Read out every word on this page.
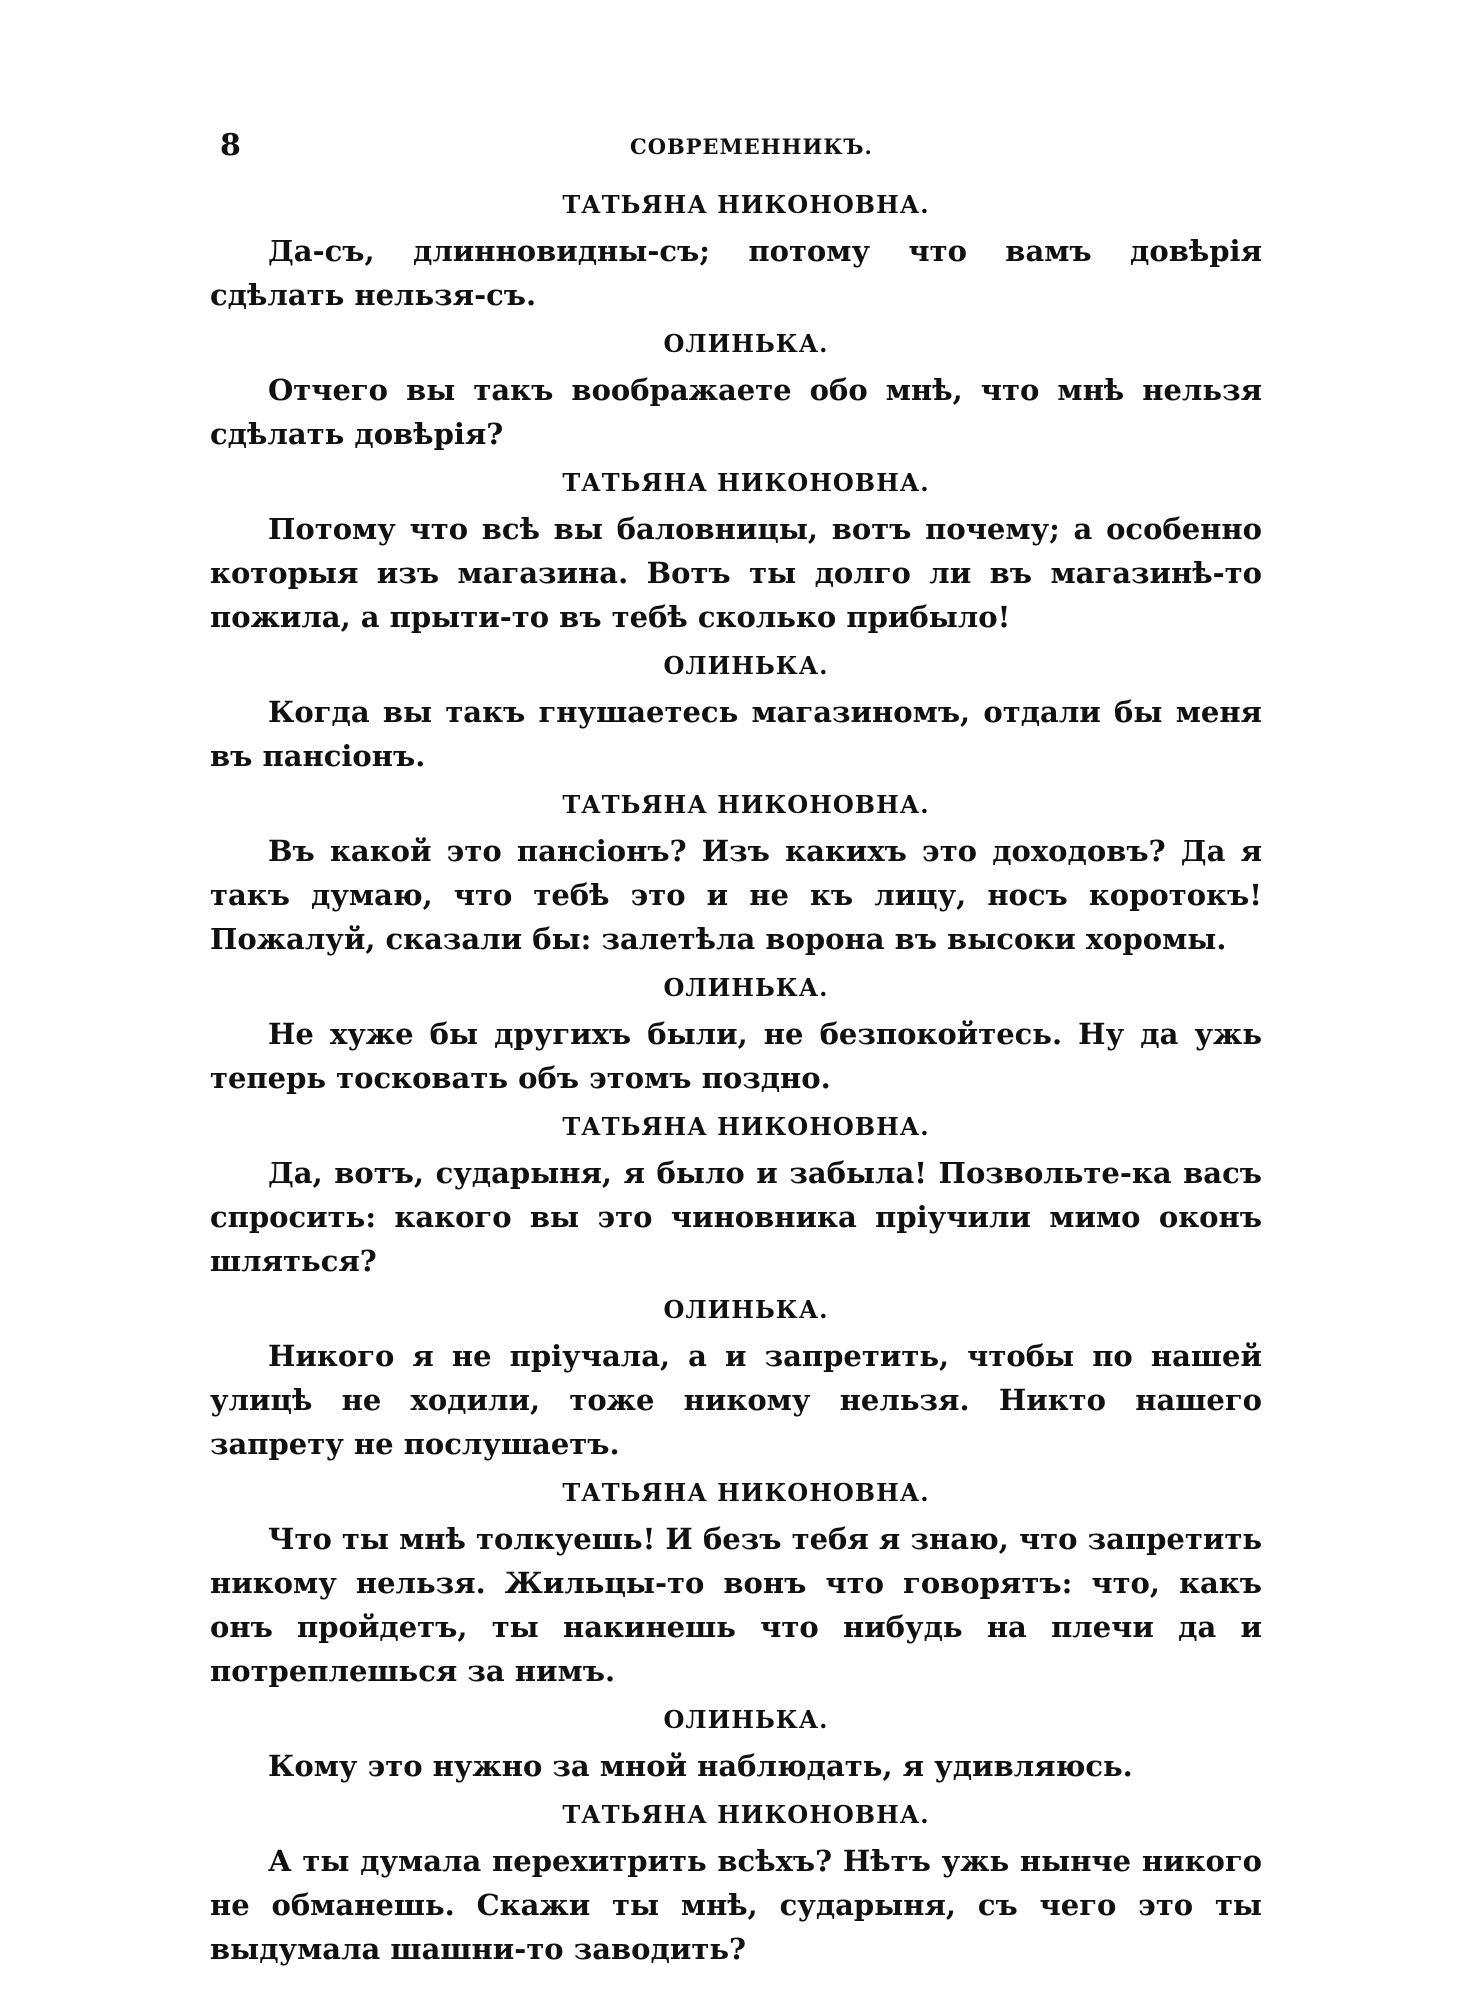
8	СОВРЕМЕННИКЪ.
ТАТЬЯНА НИКОНОВНА.

Да-съ, длинновидны-съ; потому что вамъ довѣрія сдѣлать нельзя-съ.

ОЛИНЬКА.

Отчего вы такъ воображаете обо мнѣ, что мнѣ нельзя сдѣлать довѣрія?

ТАТЬЯНА НИКОНОВНА.

Потому что всѣ вы баловницы, вотъ почему; а особенно которыя изъ магазина. Вотъ ты долго ли въ магазинѣ-то пожила, а прыти-то въ тебѣ сколько прибыло!

ОЛИНЬКА.

Когда вы такъ гнушаетесь магазиномъ, отдали бы меня въ пансіонъ.

ТАТЬЯНА НИКОНОВНА.

Въ какой это пансіонъ? Изъ какихъ это доходовъ? Да я такъ думаю, что тебѣ это и не къ лицу, носъ коротокъ! Пожалуй, сказали бы: залетѣла ворона въ высоки хоромы.

ОЛИНЬКА.

Не хуже бы другихъ были, не безпокойтесь. Ну да ужь теперь тосковать объ этомъ поздно.

ТАТЬЯНА НИКОНОВНА.

Да, вотъ, сударыня, я было и забыла! Позвольте-ка васъ спросить: какого вы это чиновника пріучили мимо оконъ шляться?

ОЛИНЬКА.

Никого я не пріучала, а и запретить, чтобы по нашей улицѣ не ходили, тоже никому нельзя. Никто нашего запрету не послушаетъ.

ТАТЬЯНА НИКОНОВНА.

Что ты мнѣ толкуешь! И безъ тебя я знаю, что запретить никому нельзя. Жильцы-то вонъ что говорятъ: что, какъ онъ пройдетъ, ты накинешь что нибудь на плечи да и потреплешься за нимъ.

ОЛИНЬКА.

Кому это нужно за мной наблюдать, я удивляюсь.

ТАТЬЯНА НИКОНОВНА.

А ты думала перехитрить всѣхъ? Нѣтъ ужь нынче никого не обманешь. Скажи ты мнѣ, сударыня, съ чего это ты выдумала шашни-то заводить?
